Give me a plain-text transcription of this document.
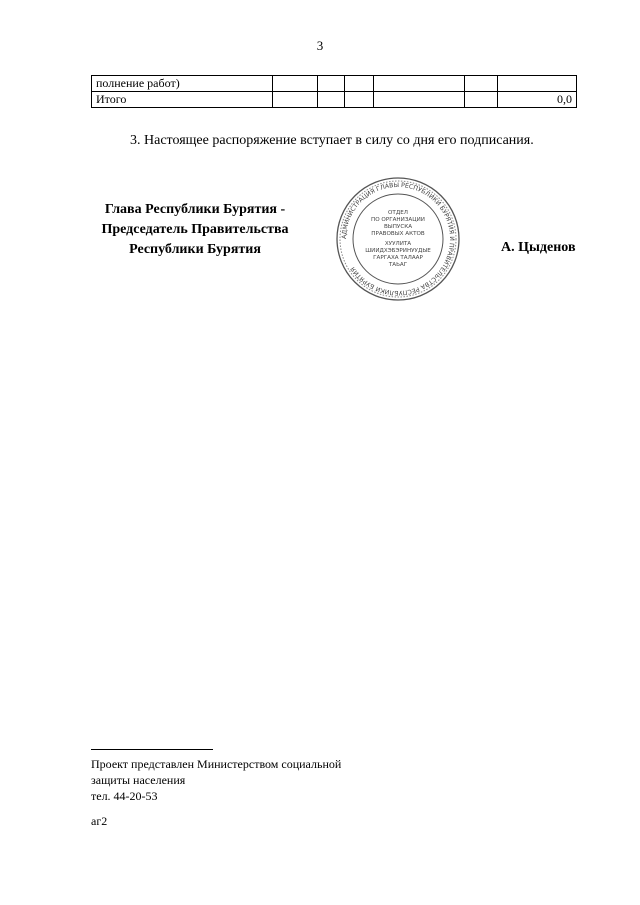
3
полнение работ)						
Итого						0,0
3. Настоящее распоряжение вступает в силу со дня его подписания.
Глава Республики Бурятия -
Председатель Правительства
Республики Бурятия
АДМИНИСТРАЦИЯ ГЛАВЫ РЕСПУБЛИКИ БУРЯТИЯ И ПРАВИТЕЛЬСТВА РЕСПУБЛИКИ БУРЯТИЯ
ОТДЕЛ
ПО ОРГАНИЗАЦИИ
ВЫПУСКА
ПРАВОВЫХ АКТОВ
ХУУЛИТА
ШИИДХЭБЭРИНУУДЫЕ
ГАРГАХА ТАЛААР
ТАЬАГ
А. Цыденов
Проект представлен Министерством социальной
защиты населения
тел. 44-20-53
аг2
